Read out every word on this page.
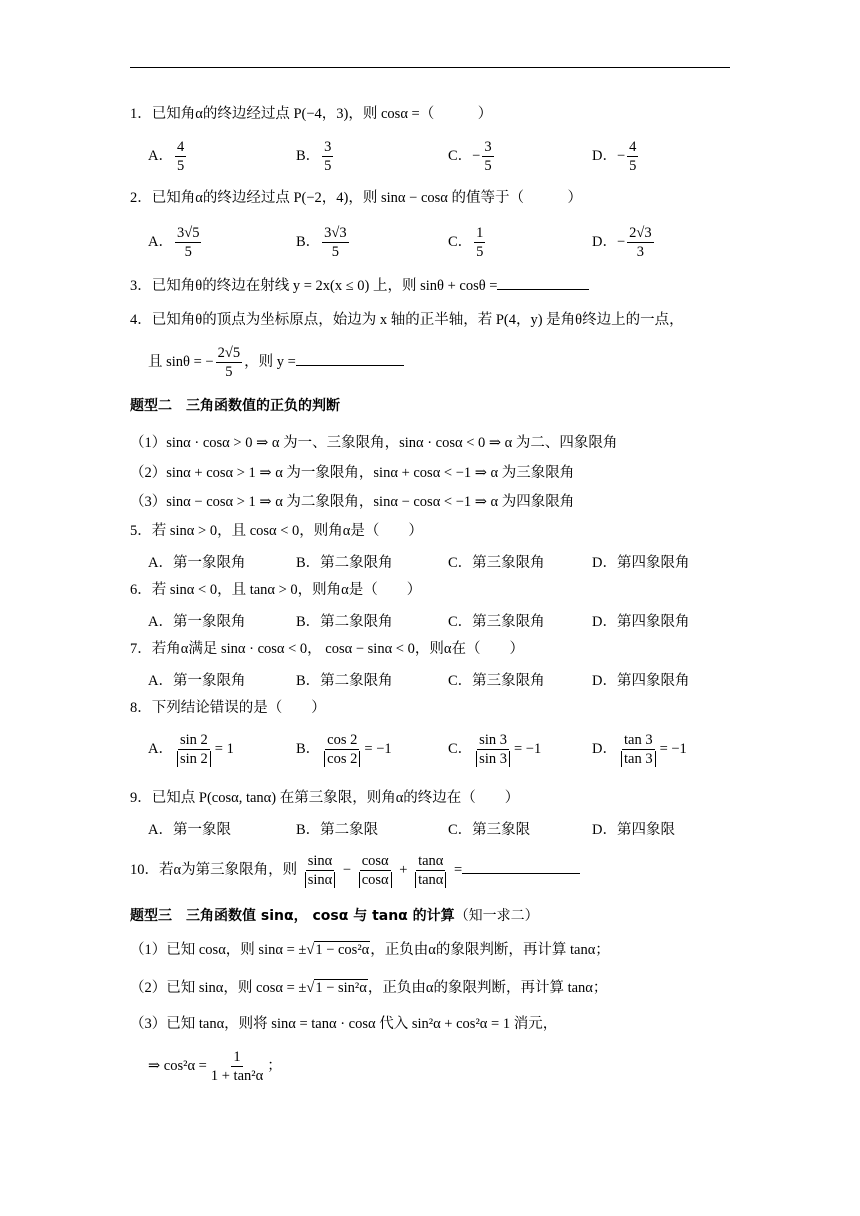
1．已知角α的终边经过点 P(−4，3)，则 cosα =（　　　）
A． $\frac{4}{5}$	B． $\frac{3}{5}$	C．− $\frac{3}{5}$	D．− $\frac{4}{5}$
2．已知角α的终边经过点 P(−2，4)，则 sinα − cosα 的值等于（　　　）
A． $\frac{3√5}{5}$	B． $\frac{3√3}{5}$	C． $\frac{1}{5}$	D．− $\frac{2√3}{3}$
3．已知角θ的终边在射线 y = 2x(x ≤ 0) 上，则 sinθ + cosθ =
4．已知角θ的顶点为坐标原点，始边为 x 轴的正半轴，若 P(4，y) 是角θ终边上的一点，
且 sinθ = − $\frac{2√5}{5}$ ，则 y =
题型二　三角函数值的正负的判断
（1）sinα · cosα > 0 ⇒ α 为一、三象限角，sinα · cosα < 0 ⇒ α 为二、四象限角
（2）sinα + cosα > 1 ⇒ α 为一象限角，sinα + cosα < −1 ⇒ α 为三象限角
（3）sinα − cosα > 1 ⇒ α 为二象限角，sinα − cosα < −1 ⇒ α 为四象限角
5．若 sinα > 0，且 cosα < 0，则角α是（　　）
A．第一象限角	B．第二象限角	C．第三象限角	D．第四象限角
6．若 sinα < 0，且 tanα > 0，则角α是（　　）
A．第一象限角	B．第二象限角	C．第三象限角	D．第四象限角
7．若角α满足 sinα · cosα < 0， cosα − sinα < 0，则α在（　　）
A．第一象限角	B．第二象限角	C．第三象限角	D．第四象限角
8．下列结论错误的是（　　）
A． $\frac{\sin 2}{\sin 2} = 1$	B． $\frac{\cos 2}{\cos 2} = -1$	C． $\frac{\sin 3}{\sin 3} = -1$	D． $\frac{\tan 3}{\tan 3} = -1$
9．已知点 P(cosα, tanα) 在第三象限，则角α的终边在（　　）
A．第一象限	B．第二象限	C．第三象限	D．第四象限
10．若α为第三象限角，则 $\frac{\sin\alpha}{\sin\alpha} - \frac{\cos\alpha}{\cos\alpha} + \frac{\tan\alpha}{\tan\alpha}$ =
题型三　三角函数值 sinα， cosα 与 tanα 的计算（知一求二）
（1）已知 cosα，则 sinα = ±√1 − cos²α，正负由α的象限判断，再计算 tanα；
（2）已知 sinα，则 cosα = ±√1 − sin²α，正负由α的象限判断，再计算 tanα；
（3）已知 tanα，则将 sinα = tanα · cosα 代入 sin²α + cos²α = 1 消元，
⇒ $\cos^2\alpha = \frac{1}{\text{1 + tan²α}}$ ；
